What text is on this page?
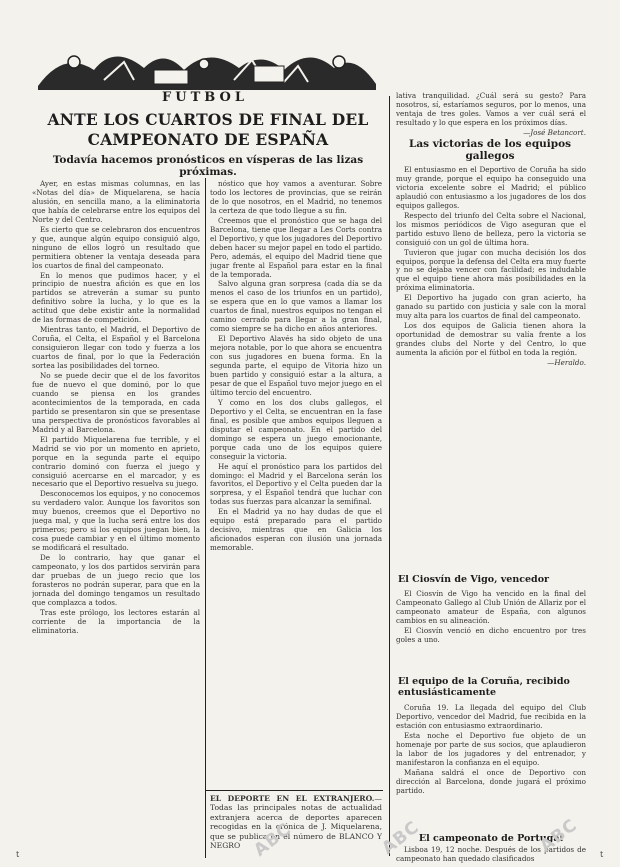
FUTBOL
ANTE LOS CUARTOS DE FINAL DEL CAMPEONATO DE ESPAÑA
Todavía hacemos pronósticos en vísperas de las lizas próximas.

Ayer, en estas mismas columnas, en las «Notas del día» de Miquelarena, se hacía alusión, en sencilla mano, a la eliminatoria que había de celebrarse entre los equipos del Norte y del Centro.

Es cierto que se celebraron dos encuentros y que, aunque algún equipo consiguió algo, ninguno de ellos logró un resultado que permitiera obtener la ventaja deseada para los cuartos de final del campeonato.

En lo menos que pudimos hacer, y el principio de nuestra afición es que en los partidos se atreverán a sumar su punto definitivo sobre la lucha, y lo que es la actitud que debe existir ante la normalidad de las formas de competición.

Mientras tanto, el Madrid, el Deportivo de Coruña, el Celta, el Español y el Barcelona consiguieron llegar con todo y fuerza a los cuartos de final, por lo que la Federación sortea las posibilidades del torneo.

No se puede decir que el de los favoritos fue de nuevo el que dominó, por lo que cuando se piensa en los grandes acontecimientos de la temporada, en cada partido se presentaron sin que se presentase una perspectiva de pronósticos favorables al Madrid y al Barcelona.

El partido Miquelarena fue terrible, y el Madrid se vio por un momento en aprieto, porque en la segunda parte el equipo contrario dominó con fuerza el juego y consiguió acercarse en el marcador, y es necesario que el Deportivo resuelva su juego.

Desconocemos los equipos, y no conocemos su verdadero valor. Aunque los favoritos son muy buenos, creemos que el Deportivo no juega mal, y que la lucha será entre los dos primeros; pero si los equipos juegan bien, la cosa puede cambiar y en el último momento se modificará el resultado.

De lo contrario, hay que ganar el campeonato, y los dos partidos servirán para dar pruebas de un juego recio que los forasteros no podrán superar, para que en la jornada del domingo tengamos un resultado que complazca a todos.

Tras este prólogo, los lectores estarán al corriente de la importancia de la eliminatoria.

nóstico que hoy vamos a aventurar. Sobre todo los lectores de provincias, que se reirán de lo que nosotros, en el Madrid, no tenemos la certeza de que todo llegue a su fin.

Creemos que el pronóstico que se haga del Barcelona, tiene que llegar a Les Corts contra el Deportivo, y que los jugadores del Deportivo deben hacer su mejor papel en todo el partido. Pero, además, el equipo del Madrid tiene que jugar frente al Español para estar en la final de la temporada.

Salvo alguna gran sorpresa (cada día se da menos el caso de los triunfos en un partido), se espera que en lo que vamos a llamar los cuartos de final, nuestros equipos no tengan el camino cerrado para llegar a la gran final, como siempre se ha dicho en años anteriores.

El Deportivo Alavés ha sido objeto de una mejora notable, por lo que ahora se encuentra con sus jugadores en buena forma. En la segunda parte, el equipo de Vitoria hizo un buen partido y consiguió estar a la altura, a pesar de que el Español tuvo mejor juego en el último tercio del encuentro.

Y como en los dos clubs gallegos, el Deportivo y el Celta, se encuentran en la fase final, es posible que ambos equipos lleguen a disputar el campeonato. En el partido del domingo se espera un juego emocionante, porque cada uno de los equipos quiere conseguir la victoria.

He aquí el pronóstico para los partidos del domingo: el Madrid y el Barcelona serán los favoritos, el Deportivo y el Celta pueden dar la sorpresa, y el Español tendrá que luchar con todas sus fuerzas para alcanzar la semifinal.

En el Madrid ya no hay dudas de que el equipo está preparado para el partido decisivo, mientras que en Galicia los aficionados esperan con ilusión una jornada memorable.

EL DEPORTE EN EL EXTRANJERO.—Todas las principales notas de actualidad extranjera acerca de deportes aparecen recogidas en la crónica de J. Miquelarena, que se publica en el número de BLANCO Y NEGRO

lativa tranquilidad. ¿Cuál será su gesto? Para nosotros, sí, estaríamos seguros, por lo menos, una ventaja de tres goles. Vamos a ver cuál será el resultado y lo que espera en los próximos días.

—José Betancort.
Las victorias de los equipos gallegos

El entusiasmo en el Deportivo de Coruña ha sido muy grande, porque el equipo ha conseguido una victoria excelente sobre el Madrid; el público aplaudió con entusiasmo a los jugadores de los dos equipos gallegos.

Respecto del triunfo del Celta sobre el Nacional, los mismos periódicos de Vigo aseguran que el partido estuvo lleno de belleza, pero la victoria se consiguió con un gol de última hora.

Tuvieron que jugar con mucha decisión los dos equipos, porque la defensa del Celta era muy fuerte y no se dejaba vencer con facilidad; es indudable que el equipo tiene ahora más posibilidades en la próxima eliminatoria.

El Deportivo ha jugado con gran acierto, ha ganado su partido con justicia y sale con la moral muy alta para los cuartos de final del campeonato.

Los dos equipos de Galicia tienen ahora la oportunidad de demostrar su valía frente a los grandes clubs del Norte y del Centro, lo que aumenta la afición por el fútbol en toda la región.

—Heraldo.
El Ciosvín de Vigo, vencedor

El Ciosvín de Vigo ha vencido en la final del Campeonato Gallego al Club Unión de Allariz por el campeonato amateur de España, con algunos cambios en su alineación.

El Ciosvín venció en dicho encuentro por tres goles a uno.

El equipo de la Coruña, recibido entusiásticamente

Coruña 19. La llegada del equipo del Club Deportivo, vencedor del Madrid, fue recibida en la estación con entusiasmo extraordinario.

Esta noche el Deportivo fue objeto de un homenaje por parte de sus socios, que aplaudieron la labor de los jugadores y del entrenador, y manifestaron la confianza en el equipo.

Mañana saldrá el once de Deportivo con dirección al Barcelona, donde jugará el próximo partido.

El campeonato de Portugal

Lisboa 19, 12 noche. Después de los partidos de campeonato han quedado clasificados

ABC	ABC	ABC
t	t
